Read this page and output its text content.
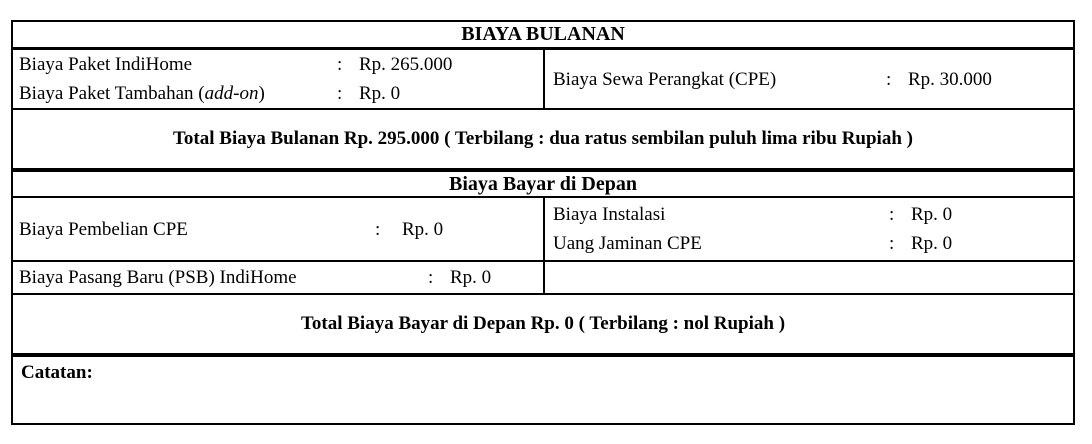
BIAYA BULANAN
Biaya Paket IndiHome	: Rp. 265.000
Biaya Paket Tambahan (add-on)	: Rp. 0
Biaya Sewa Perangkat (CPE)	: Rp. 30.000
Total Biaya Bulanan Rp. 295.000 ( Terbilang : dua ratus sembilan puluh lima ribu Rupiah )
Biaya Bayar di Depan
Biaya Pembelian CPE	:	Rp. 0
Biaya Instalasi	: Rp. 0
Uang Jaminan CPE	: Rp. 0
Biaya Pasang Baru (PSB) IndiHome	: Rp. 0
Total Biaya Bayar di Depan Rp. 0 ( Terbilang : nol Rupiah )
Catatan:
